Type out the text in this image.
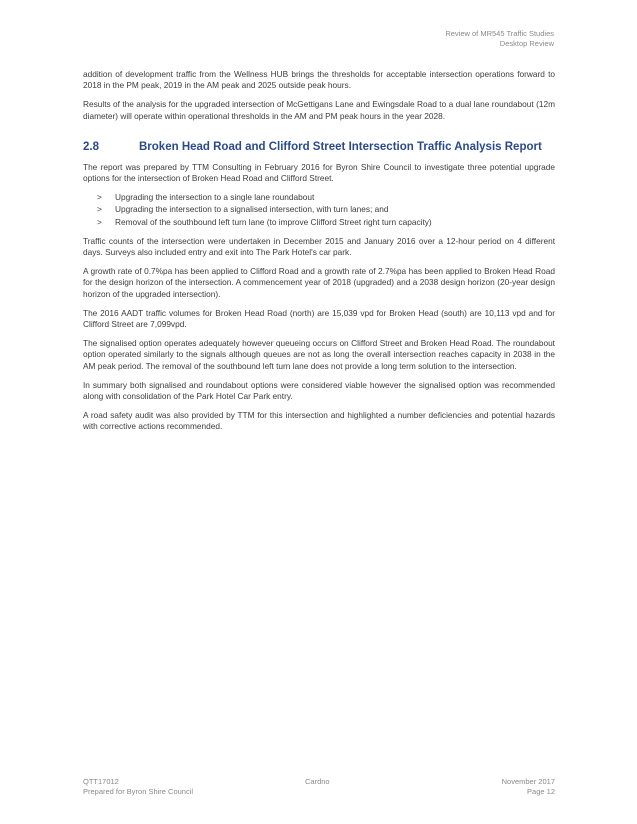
Review of MR545 Traffic Studies
Desktop Review

addition of development traffic from the Wellness HUB brings the thresholds for acceptable intersection operations forward to 2018 in the PM peak, 2019 in the AM peak and 2025 outside peak hours.

Results of the analysis for the upgraded intersection of McGettigans Lane and Ewingsdale Road to a dual lane roundabout (12m diameter) will operate within operational thresholds in the AM and PM peak hours in the year 2028.

2.8	Broken Head Road and Clifford Street Intersection Traffic Analysis Report

The report was prepared by TTM Consulting in February 2016 for Byron Shire Council to investigate three potential upgrade options for the intersection of Broken Head Road and Clifford Street.

>	Upgrading the intersection to a single lane roundabout
>	Upgrading the intersection to a signalised intersection, with turn lanes; and
>	Removal of the southbound left turn lane (to improve Clifford Street right turn capacity)

Traffic counts of the intersection were undertaken in December 2015 and January 2016 over a 12-hour period on 4 different days. Surveys also included entry and exit into The Park Hotel's car park.

A growth rate of 0.7%pa has been applied to Clifford Road and a growth rate of 2.7%pa has been applied to Broken Head Road for the design horizon of the intersection. A commencement year of 2018 (upgraded) and a 2038 design horizon (20-year design horizon of the upgraded intersection).

The 2016 AADT traffic volumes for Broken Head Road (north) are 15,039 vpd for Broken Head (south) are 10,113 vpd and for Clifford Street are 7,099vpd.

The signalised option operates adequately however queueing occurs on Clifford Street and Broken Head Road. The roundabout option operated similarly to the signals although queues are not as long the overall intersection reaches capacity in 2038 in the AM peak period. The removal of the southbound left turn lane does not provide a long term solution to the intersection.

In summary both signalised and roundabout options were considered viable however the signalised option was recommended along with consolidation of the Park Hotel Car Park entry.

A road safety audit was also provided by TTM for this intersection and highlighted a number deficiencies and potential hazards with corrective actions recommended.

QTT17012
Prepared for Byron Shire Council
Cardno	November 2017
Page 12
